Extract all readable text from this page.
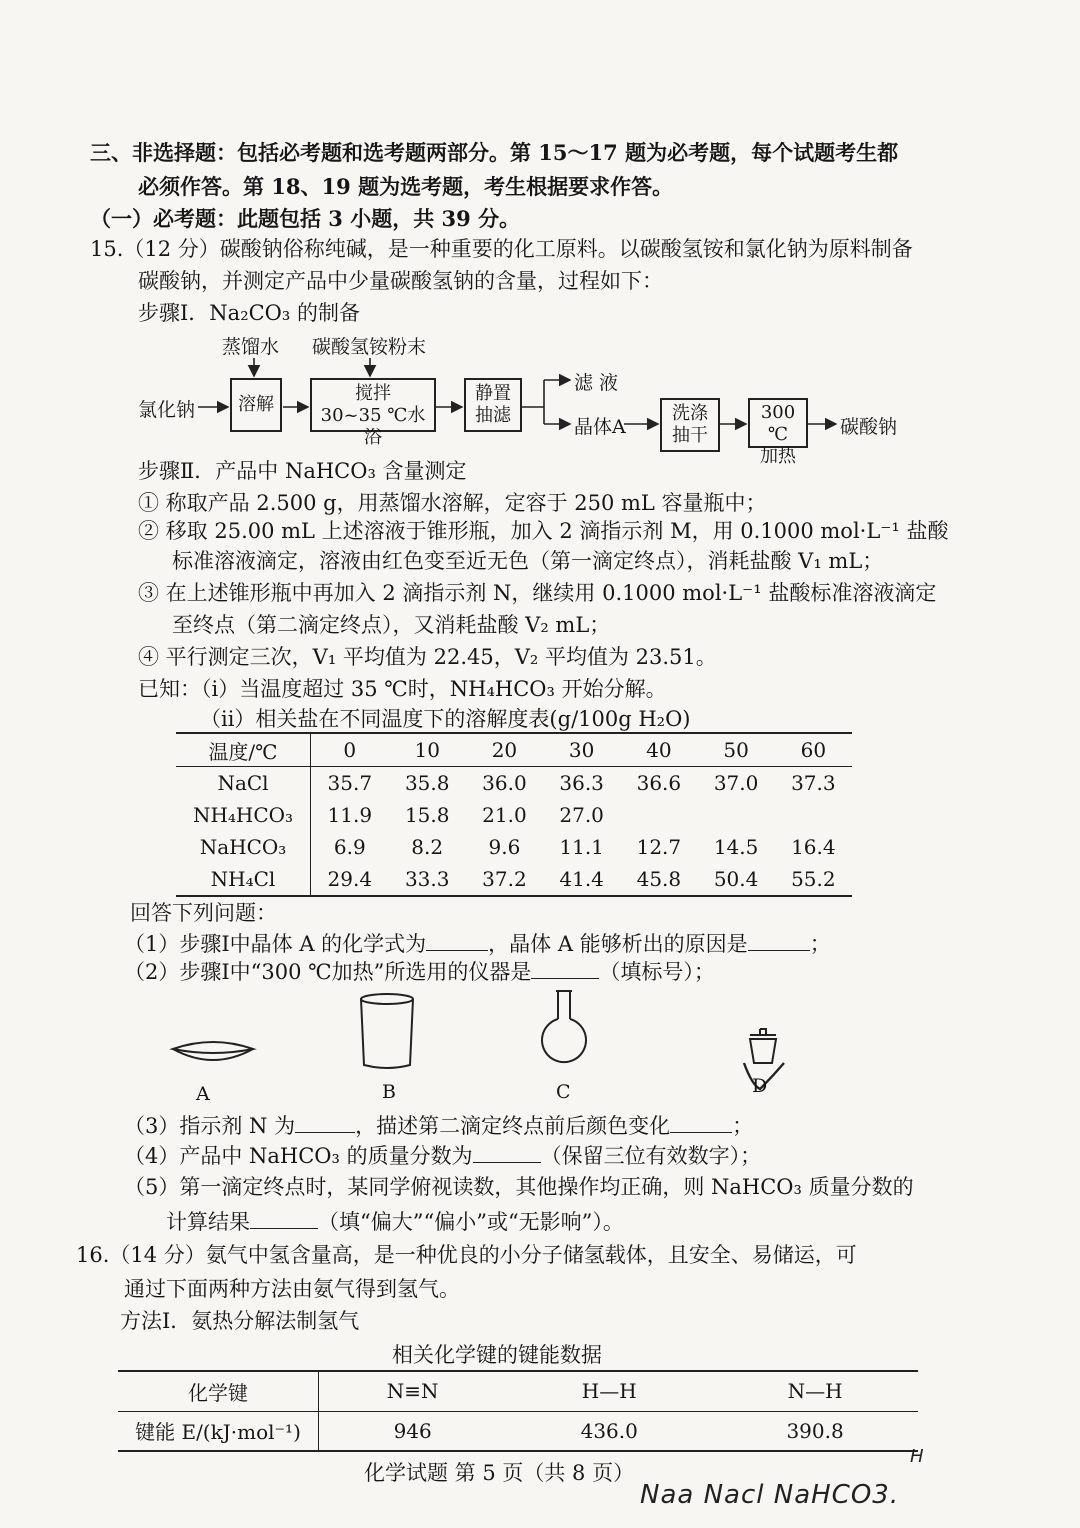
三、非选择题：包括必考题和选考题两部分。第 15～17 题为必考题，每个试题考生都
必须作答。第 18、19 题为选考题，考生根据要求作答。
（一）必考题：此题包括 3 小题，共 39 分。
15.（12 分）碳酸钠俗称纯碱，是一种重要的化工原料。以碳酸氢铵和氯化钠为原料制备
碳酸钠，并测定产品中少量碳酸氢钠的含量，过程如下：
步骤Ⅰ．Na₂CO₃ 的制备
蒸馏水 碳酸氢铵粉末
氯化钠	溶解
搅拌
30~35 ℃水浴
静置
抽滤
滤 液
晶体A
洗涤
抽干
300 ℃
加热
碳酸钠
步骤Ⅱ．产品中 NaHCO₃ 含量测定
① 称取产品 2.500 g，用蒸馏水溶解，定容于 250 mL 容量瓶中；
② 移取 25.00 mL 上述溶液于锥形瓶，加入 2 滴指示剂 M，用 0.1000 mol·L⁻¹ 盐酸
标准溶液滴定，溶液由红色变至近无色（第一滴定终点），消耗盐酸 V₁ mL；
③ 在上述锥形瓶中再加入 2 滴指示剂 N，继续用 0.1000 mol·L⁻¹ 盐酸标准溶液滴定
至终点（第二滴定终点），又消耗盐酸 V₂ mL；
④ 平行测定三次，V₁ 平均值为 22.45，V₂ 平均值为 23.51。
已知：（ⅰ）当温度超过 35 ℃时，NH₄HCO₃ 开始分解。
（ⅱ）相关盐在不同温度下的溶解度表(g/100g H₂O)
温度/℃	0	10	20	30	40	50	60
NaCl	35.7	35.8	36.0	36.3	36.6	37.0	37.3
NH₄HCO₃	11.9	15.8	21.0	27.0			
NaHCO₃	6.9	8.2	9.6	11.1	12.7	14.5	16.4
NH₄Cl	29.4	33.3	37.2	41.4	45.8	50.4	55.2
回答下列问题：
（1）步骤Ⅰ中晶体 A 的化学式为	，晶体 A 能够析出的原因是	；
（2）步骤Ⅰ中“300 ℃加热”所选用的仪器是	（填标号）；
A	B	C	D
（3）指示剂 N 为	，描述第二滴定终点前后颜色变化	；
（4）产品中 NaHCO₃ 的质量分数为	（保留三位有效数字）；
（5）第一滴定终点时，某同学俯视读数，其他操作均正确，则 NaHCO₃ 质量分数的
计算结果	（填“偏大”“偏小”或“无影响”）。
16.（14 分）氨气中氢含量高，是一种优良的小分子储氢载体，且安全、易储运，可
通过下面两种方法由氨气得到氢气。
方法Ⅰ．氨热分解法制氢气
相关化学键的键能数据
化学键	N≡N	H—H	N—H
键能 E/(kJ·mol⁻¹)	946	436.0	390.8
化学试题 第 5 页（共 8 页）
H
Naa Nacl NaHCO3.
